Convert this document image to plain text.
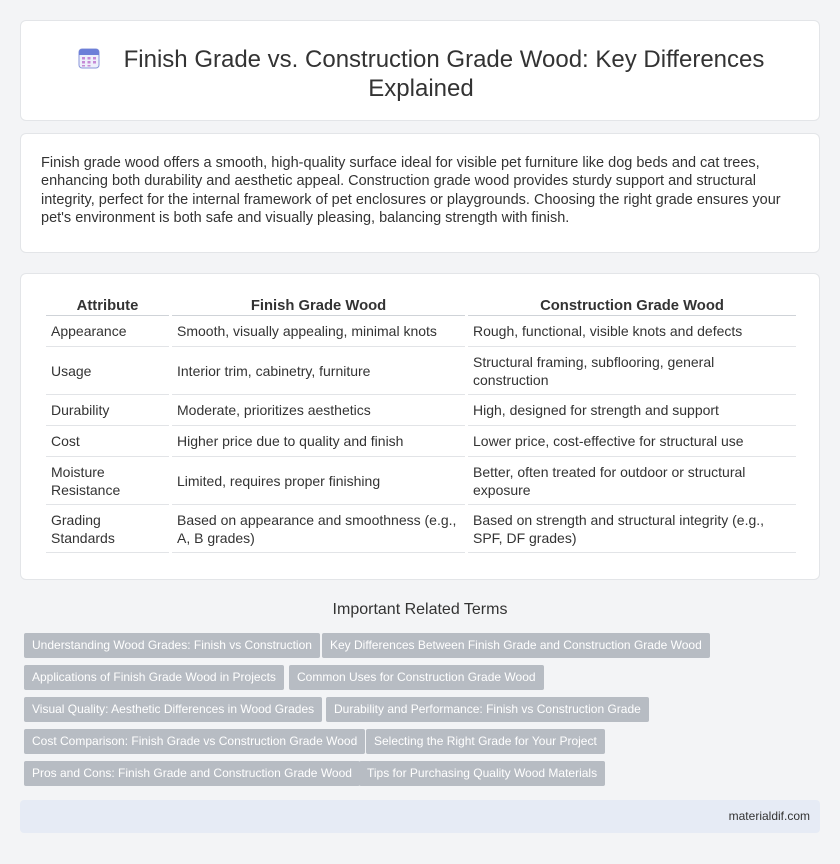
Finish Grade vs. Construction Grade Wood: Key Differences
Explained

Finish grade wood offers a smooth, high-quality surface ideal for visible pet furniture like dog beds and cat trees, enhancing both durability and aesthetic appeal. Construction grade wood provides sturdy support and structural integrity, perfect for the internal framework of pet enclosures or playgrounds. Choosing the right grade ensures your pet's environment is both safe and visually pleasing, balancing strength with finish.

Attribute	Finish Grade Wood	Construction Grade Wood
Appearance	Smooth, visually appealing, minimal knots	Rough, functional, visible knots and defects
Usage	Interior trim, cabinetry, furniture	Structural framing, subflooring, general construction
Durability	Moderate, prioritizes aesthetics	High, designed for strength and support
Cost	Higher price due to quality and finish	Lower price, cost-effective for structural use
Moisture Resistance	Limited, requires proper finishing	Better, often treated for outdoor or structural exposure
Grading Standards	Based on appearance and smoothness (e.g., A, B grades)	Based on strength and structural integrity (e.g., SPF, DF grades)
Important Related Terms
Understanding Wood Grades: Finish vs Construction	Key Differences Between Finish Grade and Construction Grade Wood
Applications of Finish Grade Wood in Projects	Common Uses for Construction Grade Wood
Visual Quality: Aesthetic Differences in Wood Grades	Durability and Performance: Finish vs Construction Grade
Cost Comparison: Finish Grade vs Construction Grade Wood	Selecting the Right Grade for Your Project
Pros and Cons: Finish Grade and Construction Grade Wood	Tips for Purchasing Quality Wood Materials
materialdif.com
